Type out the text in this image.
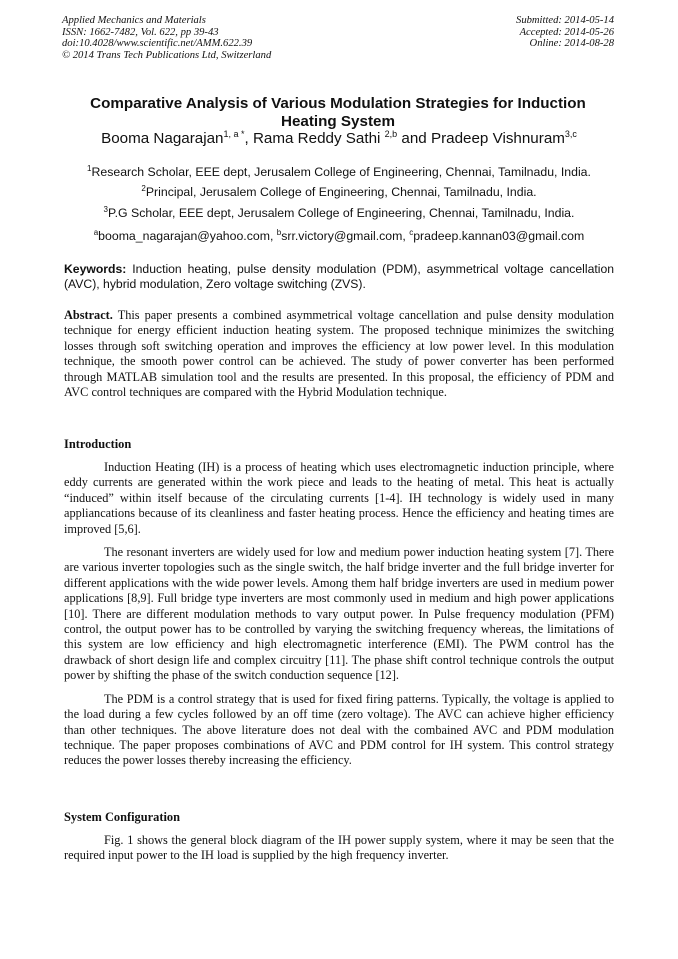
Applied Mechanics and Materials
ISSN: 1662-7482, Vol. 622, pp 39-43
doi:10.4028/www.scientific.net/AMM.622.39
© 2014 Trans Tech Publications Ltd, Switzerland
Submitted: 2014-05-14
Accepted: 2014-05-26
Online: 2014-08-28
Comparative Analysis of Various Modulation Strategies for Induction Heating System
Booma Nagarajan$^{1, a *}$, Rama Reddy Sathi $^{2,b}$ and Pradeep Vishnuram$^{3,c}$
$^1$Research Scholar, EEE dept, Jerusalem College of Engineering, Chennai, Tamilnadu, India.
$^2$Principal, Jerusalem College of Engineering, Chennai, Tamilnadu, India.
$^3$P.G Scholar, EEE dept, Jerusalem College of Engineering, Chennai, Tamilnadu, India.
$^a$booma_nagarajan@yahoo.com, $^b$srr.victory@gmail.com, $^c$pradeep.kannan03@gmail.com
Keywords: Induction heating, pulse density modulation (PDM), asymmetrical voltage cancellation (AVC), hybrid modulation, Zero voltage switching (ZVS).

Abstract. This paper presents a combined asymmetrical voltage cancellation and pulse density modulation technique for energy efficient induction heating system. The proposed technique minimizes the switching losses through soft switching operation and improves the efficiency at low power level. In this modulation technique, the smooth power control can be achieved. The study of power converter has been performed through MATLAB simulation tool and the results are presented. In this proposal, the efficiency of PDM and AVC control techniques are compared with the Hybrid Modulation technique.

Introduction

Induction Heating (IH) is a process of heating which uses electromagnetic induction principle, where eddy currents are generated within the work piece and leads to the heating of metal. This heat is actually “induced” within itself because of the circulating currents [1-4]. IH technology is widely used in many appliancations because of its cleanliness and faster heating process. Hence the efficiency and heating times are improved [5,6].

The resonant inverters are widely used for low and medium power induction heating system [7]. There are various inverter topologies such as the single switch, the half bridge inverter and the full bridge inverter for different applications with the wide power levels. Among them half bridge inverters are used in medium power applications [8,9]. Full bridge type inverters are most commonly used in medium and high power applications [10]. There are different modulation methods to vary output power. In Pulse frequency modulation (PFM) control, the output power has to be controlled by varying the switching frequency whereas, the limitations of this system are low efficiency and high electromagnetic interference (EMI). The PWM control has the drawback of short design life and complex circuitry [11]. The phase shift control technique controls the output power by shifting the phase of the switch conduction sequence [12].

The PDM is a control strategy that is used for fixed firing patterns. Typically, the voltage is applied to the load during a few cycles followed by an off time (zero voltage). The AVC can achieve higher efficiency than other techniques. The above literature does not deal with the combained AVC and PDM modulation technique. The paper proposes combinations of AVC and PDM control for IH system. This control strategy reduces the power losses thereby increasing the efficiency.

System Configuration

Fig. 1 shows the general block diagram of the IH power supply system, where it may be seen that the required input power to the IH load is supplied by the high frequency inverter.
